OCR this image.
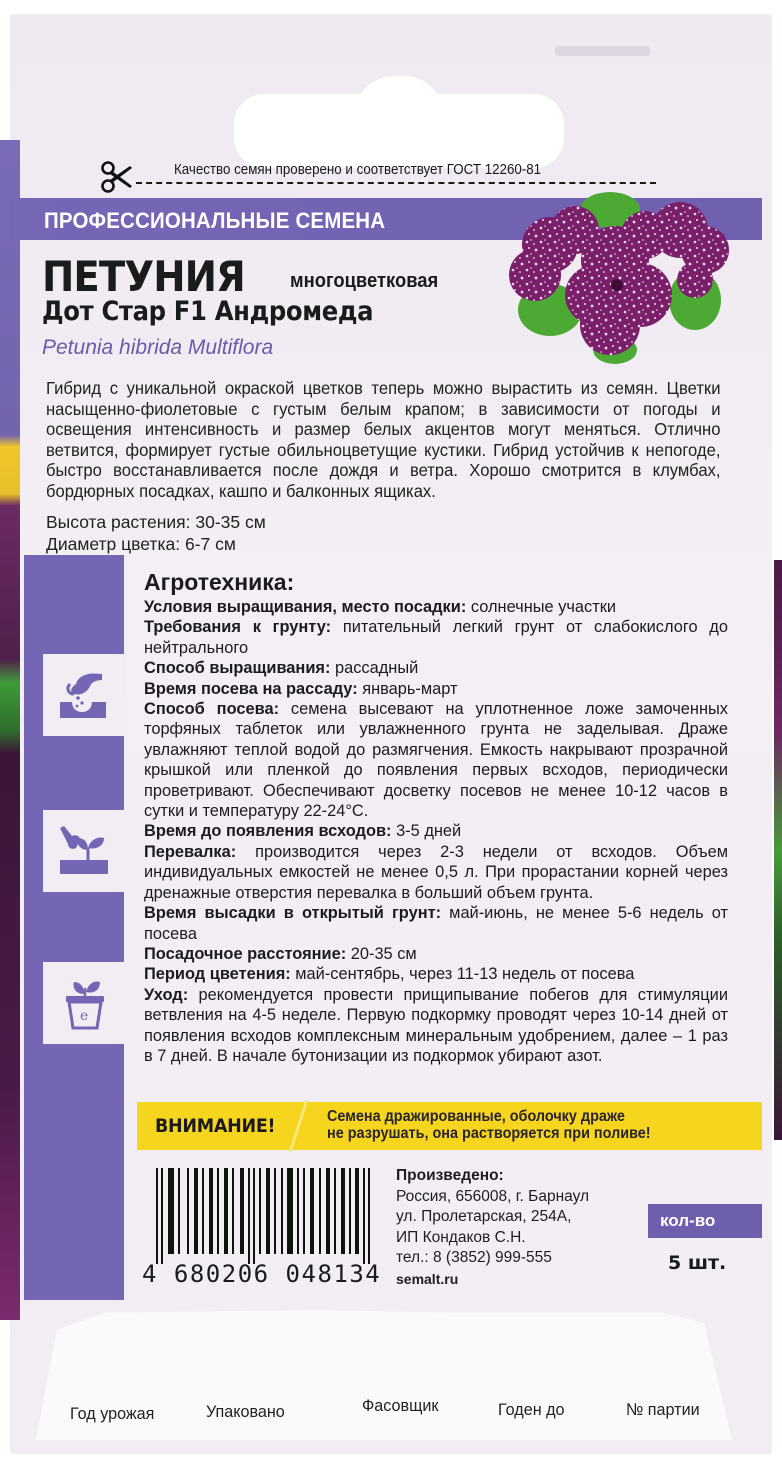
Качество семян проверено и соответствует ГОСТ 12260-81
ПРОФЕССИОНАЛЬНЫЕ СЕМЕНА
ПЕТУНИЯ многоцветковая
Дот Стар F1 Андромеда
Petunia hibrida Multiflora

Гибрид с уникальной окраской цветков теперь можно вырастить из семян. Цветки насыщенно-фиолетовые с густым белым крапом; в зависимости от погоды и освещения интенсивность и размер белых акцентов могут меняться. Отлично ветвится, формирует густые обильноцветущие кустики. Гибрид устойчив к непогоде, быстро восстанавливается после дождя и ветра. Хорошо смотрится в клумбах, бордюрных посадках, кашпо и балконных ящиках.

Высота растения: 30-35 см
Диаметр цветка: 6-7 см
e
Агротехника:
Условия выращивания, место посадки: солнечные участки
Требования к грунту: питательный легкий грунт от слабокислого до нейтрального
Способ выращивания: рассадный
Время посева на рассаду: январь-март
Способ посева: семена высевают на уплотненное ложе замоченных торфяных таблеток или увлажненного грунта не заделывая. Драже увлажняют теплой водой до размягчения. Емкость накрывают прозрачной крышкой или пленкой до появления первых всходов, периодически проветривают. Обеспечивают досветку посевов не менее 10-12 часов в сутки и температуру 22-24°С.
Время до появления всходов: 3-5 дней
Перевалка: производится через 2-3 недели от всходов. Объем индивидуальных емкостей не менее 0,5 л. При прорастании корней через дренажные отверстия перевалка в больший объем грунта.
Время высадки в открытый грунт: май-июнь, не менее 5-6 недель от посева
Посадочное расстояние: 20-35 см
Период цветения: май-сентябрь, через 11-13 недель от посева
Уход: рекомендуется провести прищипывание побегов для стимуляции ветвления на 4-5 неделе. Первую подкормку проводят через 10-14 дней от появления всходов комплексным минеральным удобрением, далее – 1 раз в 7 дней. В начале бутонизации из подкормок убирают азот.
ВНИМАНИЕ!	Семена дражированные, оболочку драже
не разрушать, она растворяется при поливе!
4 680206 048134
Произведено:
Россия, 656008, г. Барнаул
ул. Пролетарская, 254А,
ИП Кондаков С.Н.
тел.: 8 (3852) 999-555
semalt.ru
кол-во
5 шт.
Год урожая	Упаковано	Фасовщик	Годен до	№ партии
